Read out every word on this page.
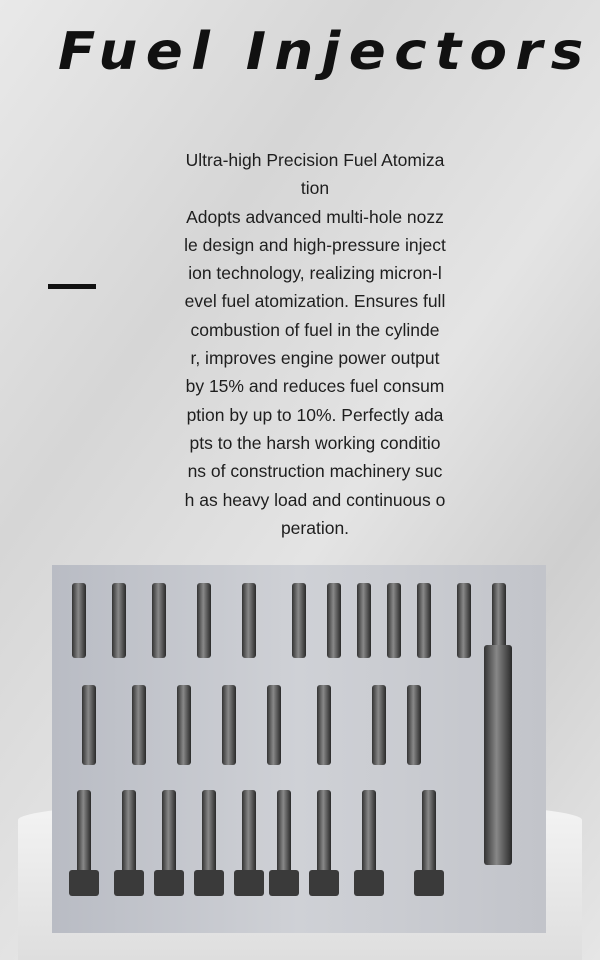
Fuel Injectors
Ultra-high Precision Fuel Atomiza
tion
Adopts advanced multi-hole nozz
le design and high-pressure inject
ion technology, realizing micron-l
evel fuel atomization. Ensures full
combustion of fuel in the cylinde
r, improves engine power output
by 15% and reduces fuel consum
ption by up to 10%. Perfectly ada
pts to the harsh working conditio
ns of construction machinery suc
h as heavy load and continuous o
peration.
